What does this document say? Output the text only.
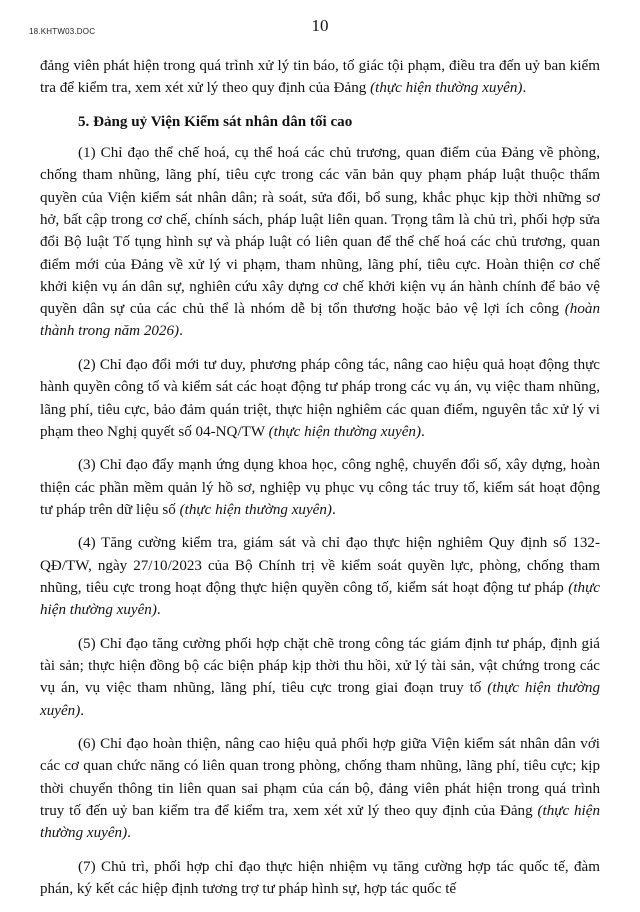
18.KHTW03.DOC	10

đảng viên phát hiện trong quá trình xử lý tin báo, tố giác tội phạm, điều tra đến uỷ ban kiểm tra để kiểm tra, xem xét xử lý theo quy định của Đảng (thực hiện thường xuyên).

5. Đảng uỷ Viện Kiểm sát nhân dân tối cao

(1) Chỉ đạo thể chế hoá, cụ thể hoá các chủ trương, quan điểm của Đảng về phòng, chống tham nhũng, lãng phí, tiêu cực trong các văn bản quy phạm pháp luật thuộc thẩm quyền của Viện kiểm sát nhân dân; rà soát, sửa đổi, bổ sung, khắc phục kịp thời những sơ hở, bất cập trong cơ chế, chính sách, pháp luật liên quan. Trọng tâm là chủ trì, phối hợp sửa đổi Bộ luật Tố tụng hình sự và pháp luật có liên quan để thể chế hoá các chủ trương, quan điểm mới của Đảng về xử lý vi phạm, tham nhũng, lãng phí, tiêu cực. Hoàn thiện cơ chế khởi kiện vụ án dân sự, nghiên cứu xây dựng cơ chế khởi kiện vụ án hành chính để bảo vệ quyền dân sự của các chủ thể là nhóm dễ bị tổn thương hoặc bảo vệ lợi ích công (hoàn thành trong năm 2026).

(2) Chỉ đạo đổi mới tư duy, phương pháp công tác, nâng cao hiệu quả hoạt động thực hành quyền công tố và kiểm sát các hoạt động tư pháp trong các vụ án, vụ việc tham nhũng, lãng phí, tiêu cực, bảo đảm quán triệt, thực hiện nghiêm các quan điểm, nguyên tắc xử lý vi phạm theo Nghị quyết số 04-NQ/TW (thực hiện thường xuyên).

(3) Chỉ đạo đẩy mạnh ứng dụng khoa học, công nghệ, chuyển đổi số, xây dựng, hoàn thiện các phần mềm quản lý hồ sơ, nghiệp vụ phục vụ công tác truy tố, kiểm sát hoạt động tư pháp trên dữ liệu số (thực hiện thường xuyên).

(4) Tăng cường kiểm tra, giám sát và chỉ đạo thực hiện nghiêm Quy định số 132-QĐ/TW, ngày 27/10/2023 của Bộ Chính trị về kiểm soát quyền lực, phòng, chống tham nhũng, tiêu cực trong hoạt động thực hiện quyền công tố, kiểm sát hoạt động tư pháp (thực hiện thường xuyên).

(5) Chỉ đạo tăng cường phối hợp chặt chẽ trong công tác giám định tư pháp, định giá tài sản; thực hiện đồng bộ các biện pháp kịp thời thu hồi, xử lý tài sản, vật chứng trong các vụ án, vụ việc tham nhũng, lãng phí, tiêu cực trong giai đoạn truy tố (thực hiện thường xuyên).

(6) Chỉ đạo hoàn thiện, nâng cao hiệu quả phối hợp giữa Viện kiểm sát nhân dân với các cơ quan chức năng có liên quan trong phòng, chống tham nhũng, lãng phí, tiêu cực; kịp thời chuyển thông tin liên quan sai phạm của cán bộ, đảng viên phát hiện trong quá trình truy tố đến uỷ ban kiểm tra để kiểm tra, xem xét xử lý theo quy định của Đảng (thực hiện thường xuyên).

(7) Chủ trì, phối hợp chỉ đạo thực hiện nhiệm vụ tăng cường hợp tác quốc tế, đàm phán, ký kết các hiệp định tương trợ tư pháp hình sự, hợp tác quốc tế
